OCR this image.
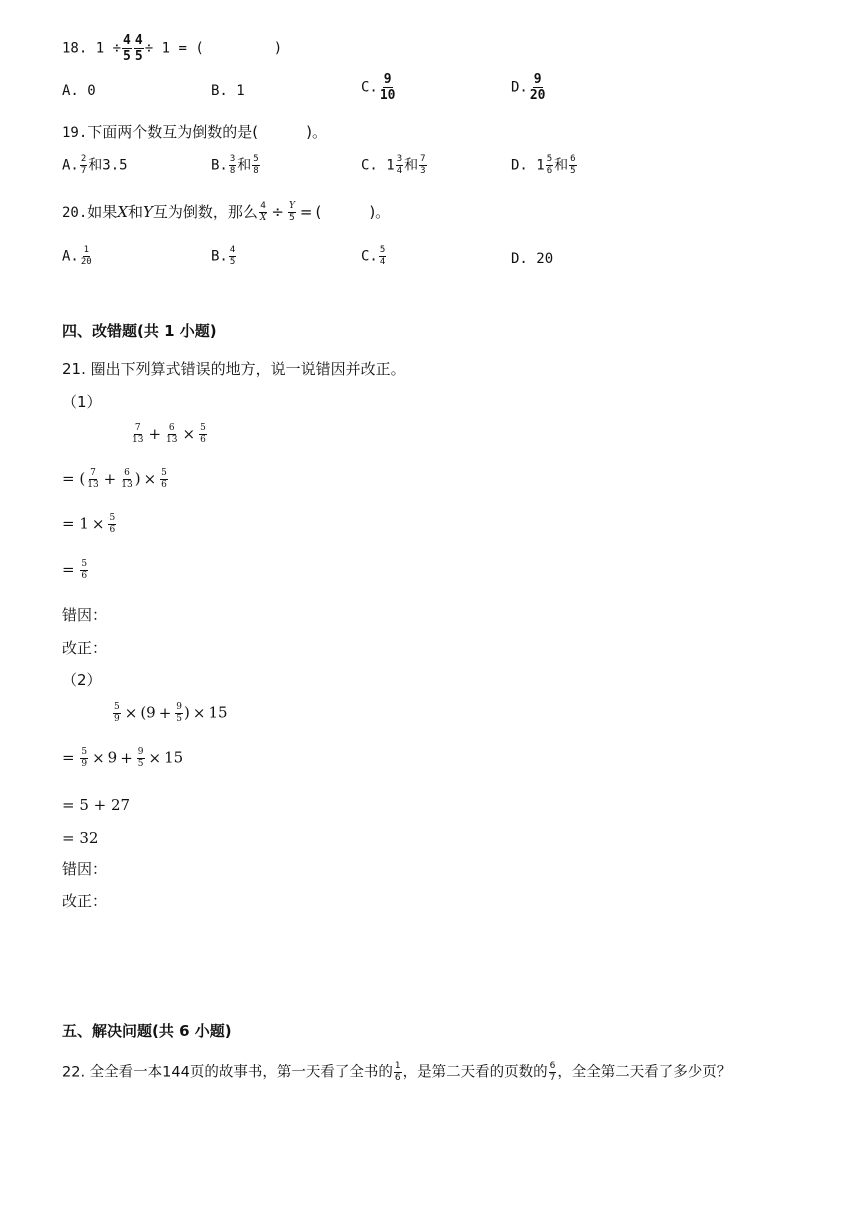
18. $1 \div \frac{4}{5} \frac{4}{5} \div 1$ = (	)
A. 0	B. 1	C. $\frac{9}{10}$	D. $\frac{9}{20}$
19.下面两个数互为倒数的是(	)。
A. $\frac{2}{7}$ 和3.5	B. $\frac{3}{8}$ 和 $\frac{5}{8}$	C. $1 \frac{3}{4}$ 和 $\frac{7}{3}$	D. $1 \frac{5}{6}$ 和 $\frac{6}{5}$
20.如果X和Y互为倒数，那么 $\frac{4}{X} \div \frac{Y}{5}$ = (	)。
A. $\frac{1}{20}$	B. $\frac{4}{5}$	C. $\frac{5}{4}$	D. 20
四、改错题(共 1 小题)
21. 圈出下列算式错误的地方，说一说错因并改正。
（1）
$\frac{7}{13} + \frac{6}{13} \times \frac{5}{6}$
= ( $\frac{7}{13} + \frac{6}{13}$ ) × $\frac{5}{6}$
= $1 \times \frac{5}{6}$
= $\frac{5}{6}$
错因：
改正：
（2）
$\frac{5}{9} \times (9 + \frac{9}{5}$ ) × 15
= $\frac{5}{9} \times 9 + \frac{9}{5} \times 15$
= 5 + 27
= 32
错因：
改正：
五、解决问题(共 6 小题)
22. 全全看一本144页的故事书，第一天看了全书的 $\frac{1}{6}$ ，是第二天看的页数的 $\frac{6}{7}$ ，全全第二天看了多少页？
